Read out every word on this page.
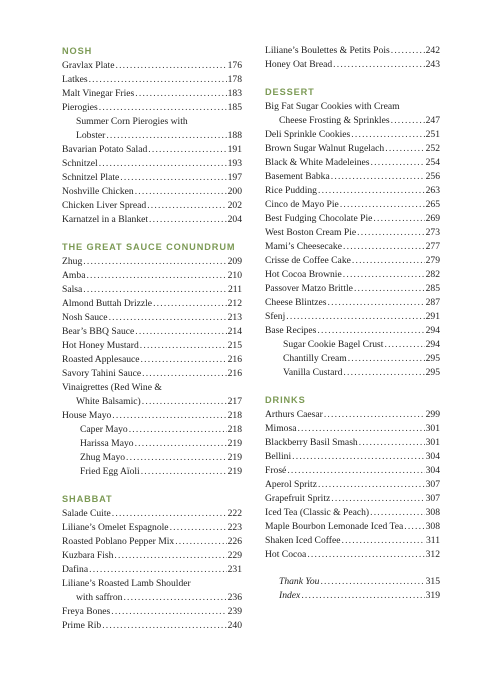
NOSH
Gravlax Plate .....	176
Latkes .....	178
Malt Vinegar Fries .....	183
Pierogies .....	185
Summer Corn Pierogies with
Lobster .....	188
Bavarian Potato Salad .....	191
Schnitzel .....	193
Schnitzel Plate .....	197
Noshville Chicken .....	200
Chicken Liver Spread .....	202
Karnatzel in a Blanket .....	204
THE GREAT SAUCE CONUNDRUM
Zhug .....	209
Amba .....	210
Salsa .....	211
Almond Buttah Drizzle .....	212
Nosh Sauce .....	213
Bear’s BBQ Sauce .....	214
Hot Honey Mustard .....	215
Roasted Applesauce .....	216
Savory Tahini Sauce .....	216
Vinaigrettes (Red Wine &
White Balsamic) .....	217
House Mayo .....	218
Caper Mayo .....	218
Harissa Mayo .....	219
Zhug Mayo .....	219
Fried Egg Aïoli .....	219
SHABBAT
Salade Cuite .....	222
Liliane’s Omelet Espagnole .....	223
Roasted Poblano Pepper Mix .....	226
Kuzbara Fish .....	229
Dafina .....	231
Liliane’s Roasted Lamb Shoulder
with saffron .....	236
Freya Bones .....	239
Prime Rib .....	240
Liliane’s Boulettes & Petits Pois .....	242
Honey Oat Bread .....	243
DESSERT
Big Fat Sugar Cookies with Cream
Cheese Frosting & Sprinkles .....	247
Deli Sprinkle Cookies .....	251
Brown Sugar Walnut Rugelach .....	252
Black & White Madeleines .....	254
Basement Babka .....	256
Rice Pudding .....	263
Cinco de Mayo Pie .....	265
Best Fudging Chocolate Pie .....	269
West Boston Cream Pie .....	273
Mami’s Cheesecake .....	277
Crisse de Coffee Cake .....	279
Hot Cocoa Brownie .....	282
Passover Matzo Brittle .....	285
Cheese Blintzes .....	287
Sfenj .....	291
Base Recipes .....	294
Sugar Cookie Bagel Crust .....	294
Chantilly Cream .....	295
Vanilla Custard .....	295
DRINKS
Arthurs Caesar .....	299
Mimosa .....	301
Blackberry Basil Smash .....	301
Bellini .....	304
Frosé .....	304
Aperol Spritz .....	307
Grapefruit Spritz .....	307
Iced Tea (Classic & Peach) .....	308
Maple Bourbon Lemonade Iced Tea ..... 308
Shaken Iced Coffee .....	311
Hot Cocoa .....	312
Thank You .....	315
Index .....	319
